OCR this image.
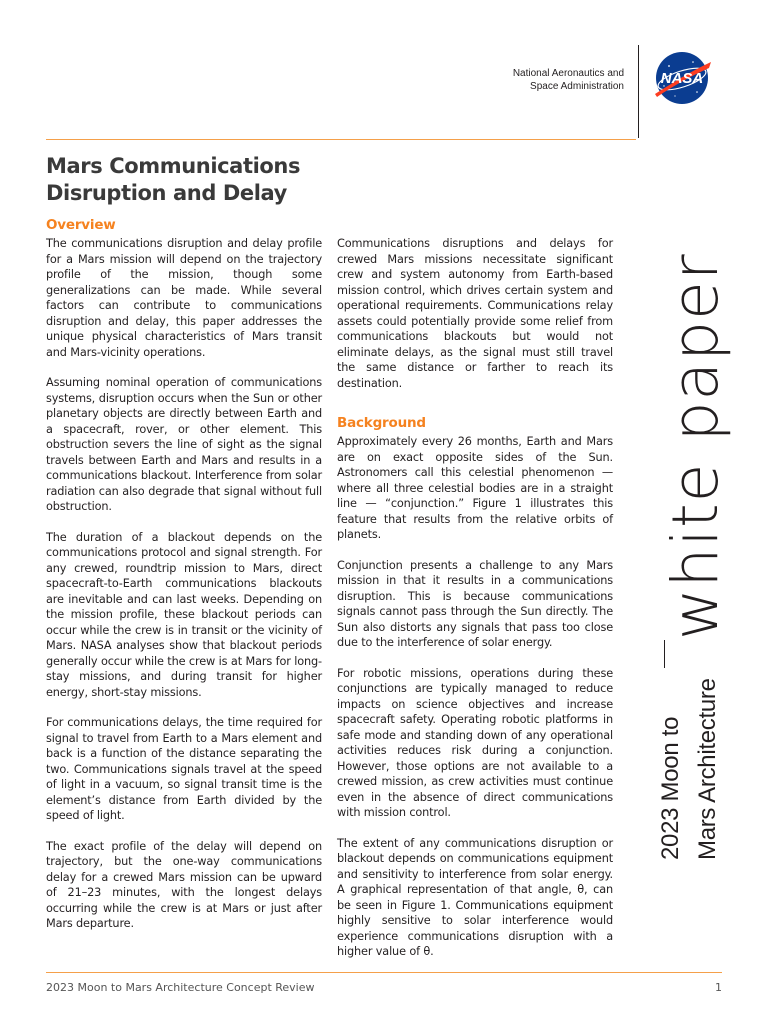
National Aeronautics and
Space Administration NASA
Mars Communications
Disruption and Delay
Overview

The communications disruption and delay profile for a Mars mission will depend on the trajectory profile of the mission, though some generalizations can be made. While several factors can contribute to communications disruption and delay, this paper addresses the unique physical characteristics of Mars transit and Mars-vicinity operations.

Assuming nominal operation of communications systems, disruption occurs when the Sun or other planetary objects are directly between Earth and a spacecraft, rover, or other element. This obstruction severs the line of sight as the signal travels between Earth and Mars and results in a communications blackout. Interference from solar radiation can also degrade that signal without full obstruction.

The duration of a blackout depends on the communications protocol and signal strength. For any crewed, roundtrip mission to Mars, direct spacecraft-to-Earth communications blackouts are inevitable and can last weeks. Depending on the mission profile, these blackout periods can occur while the crew is in transit or the vicinity of Mars. NASA analyses show that blackout periods generally occur while the crew is at Mars for long-stay missions, and during transit for higher energy, short-stay missions.

For communications delays, the time required for signal to travel from Earth to a Mars element and back is a function of the distance separating the two. Communications signals travel at the speed of light in a vacuum, so signal transit time is the element’s distance from Earth divided by the speed of light.

The exact profile of the delay will depend on trajectory, but the one-way communications delay for a crewed Mars mission can be upward of 21–23 minutes, with the longest delays occurring while the crew is at Mars or just after Mars departure.

Communications disruptions and delays for crewed Mars missions necessitate significant crew and system autonomy from Earth-based mission control, which drives certain system and operational requirements. Communications relay assets could potentially provide some relief from communications blackouts but would not eliminate delays, as the signal must still travel the same distance or farther to reach its destination.

Background

Approximately every 26 months, Earth and Mars are on exact opposite sides of the Sun. Astronomers call this celestial phenomenon — where all three celestial bodies are in a straight line — “conjunction.” Figure 1 illustrates this feature that results from the relative orbits of planets.

Conjunction presents a challenge to any Mars mission in that it results in a communications disruption. This is because communications signals cannot pass through the Sun directly. The Sun also distorts any signals that pass too close due to the interference of solar energy.

For robotic missions, operations during these conjunctions are typically managed to reduce impacts on science objectives and increase spacecraft safety. Operating robotic platforms in safe mode and standing down of any operational activities reduces risk during a conjunction. However, those options are not available to a crewed mission, as crew activities must continue even in the absence of direct communications with mission control.

The extent of any communications disruption or blackout depends on communications equipment and sensitivity to interference from solar energy. A graphical representation of that angle, θ, can be seen in Figure 1. Communications equipment highly sensitive to solar interference would experience communications disruption with a higher value of θ.

white paper
2023 Moon to Mars Architecture
2023 Moon to Mars Architecture Concept Review	1
